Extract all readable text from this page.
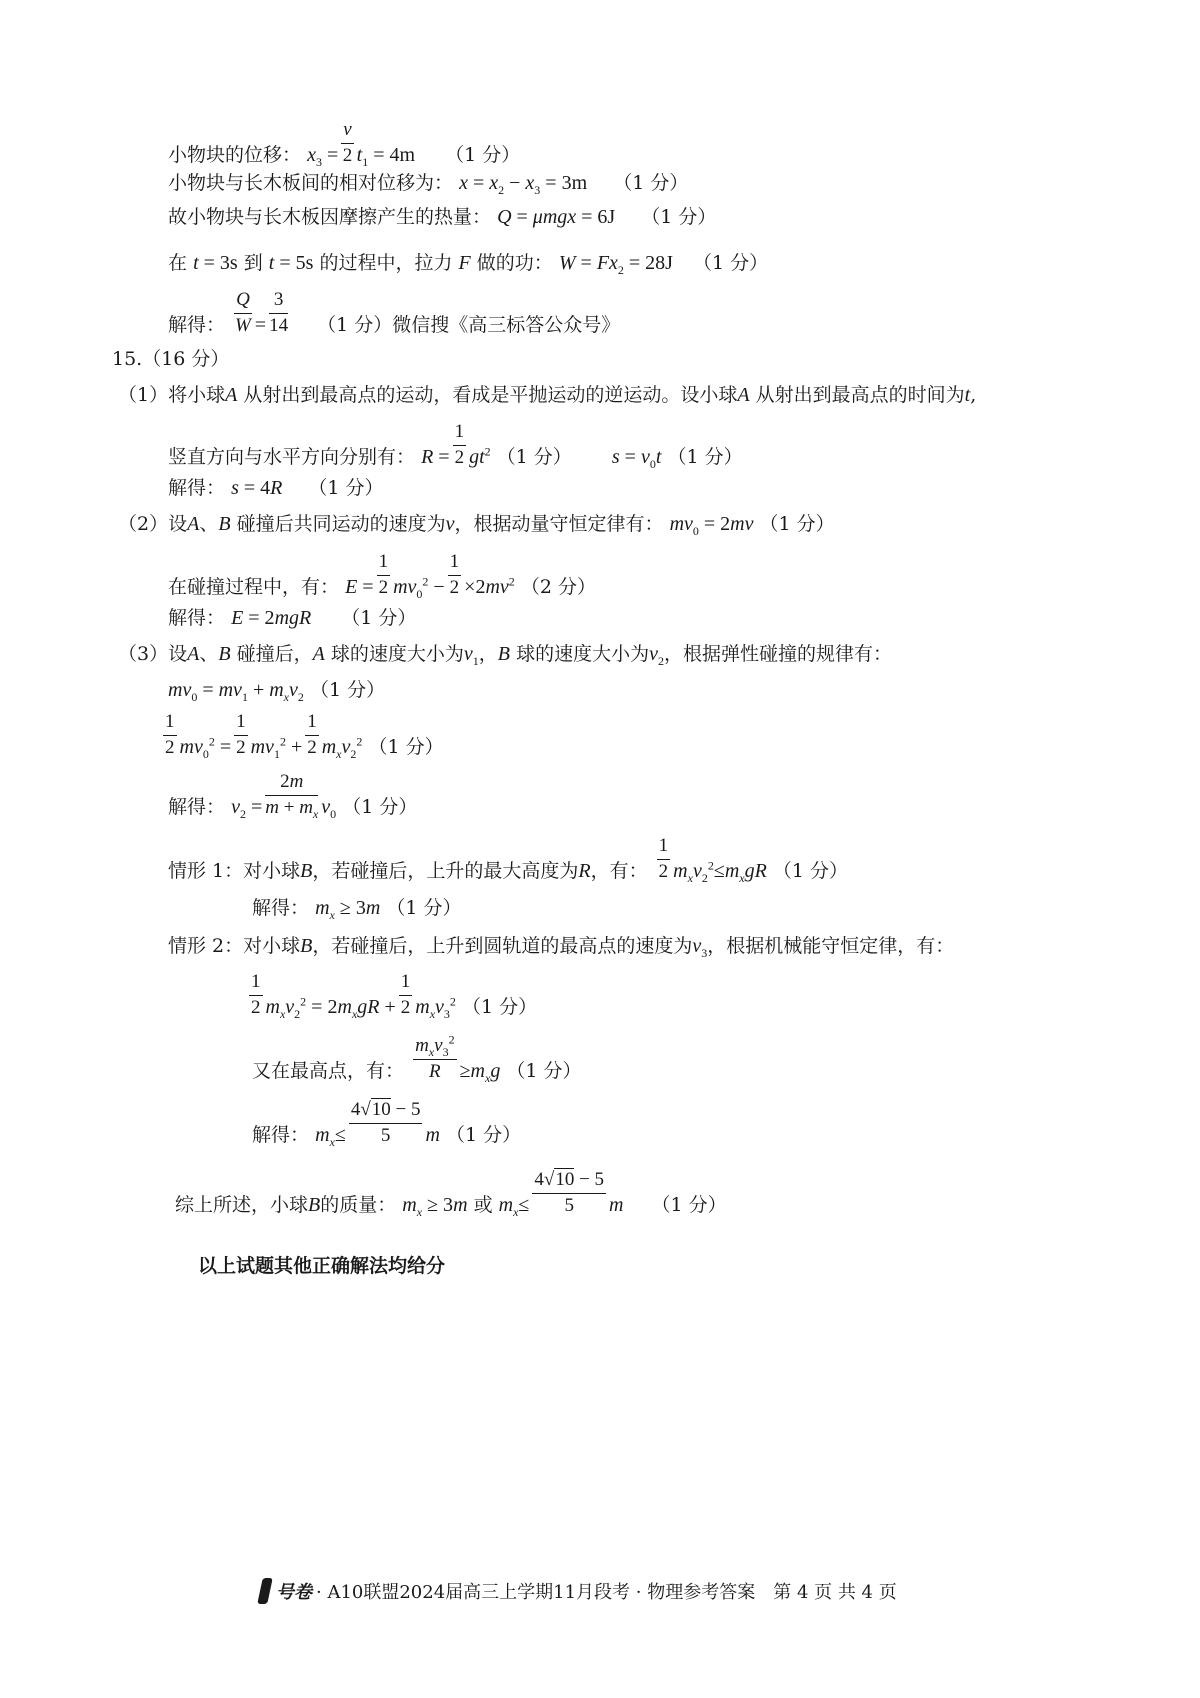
小物块的位移： $x_3 = \frac{v}{2} t_1 = 4m$ （1 分）
小物块与长木板间的相对位移为： $x = x_2 - x_3 = 3m$ （1 分）
故小物块与长木板因摩擦产生的热量： Q = μmgx = 6J （1 分）
在 t = 3s 到 t = 5s 的过程中，拉力 F 做的功： $W = Fx_2 = 28J$ （1 分）
解得： $\frac{Q}{W} = \frac{3}{14} (1$ 分）微信搜《高三标答公众号》
15.（16 分）
（1）将小球A 从射出到最高点的运动，看成是平抛运动的逆运动。设小球A 从射出到最高点的时间为t,
竖直方向与水平方向分别有： $R = \frac{1}{2} gt^2$ （1 分） $s = v_0t$ （1 分）
解得： s = 4R （1 分）
（2）设A、B 碰撞后共同运动的速度为v，根据动量守恒定律有： $mv_0 = 2mv$ （1 分）
在碰撞过程中，有： $E = \frac{1}{2} mv_0^2 - \frac{1}{2} \times 2mv^2$ （2 分）
解得： E = 2mgR （1 分）
（3）设A、B 碰撞后，A 球的速度大小为$v_1$，B 球的速度大小为$v_2$，根据弹性碰撞的规律有：
$mv_0 = mv_1 + m_xv_2$ （1 分）
$\frac{1}{2} mv_0^2 = \frac{1}{2} mv_1^2 + \frac{1}{2} m_xv_2^2$ （1 分）
解得： $v_2 = \frac{2m}{m + m_x} v_0$ （1 分）
情形 1：对小球B，若碰撞后，上升的最大高度为R，有： $\frac{1}{2} m_xv_2^2\le m_xgR$ （1 分）
解得： $m_x \ge 3m$ （1 分）
情形 2：对小球B，若碰撞后，上升到圆轨道的最高点的速度为$v_3$，根据机械能守恒定律，有：
$\frac{1}{2} m_xv_2^2 = 2m_xgR + \frac{1}{2} m_xv_3^2$ （1 分）
又在最高点，有：
$m_xv_3^2$
$R \ge m_xg$ （1 分）
解得： $m_x\le \frac{4√10 - 5}{5}$ m （1 分）
综上所述，小球B的质量： $m_x \ge 3m$ 或 $m_x\le \frac{4√10 - 5}{5}$ m （1 分）
以上试题其他正确解法均给分
号卷 · A10联盟2024届高三上学期11月段考 · 物理参考答案　第 4 页 共 4 页
